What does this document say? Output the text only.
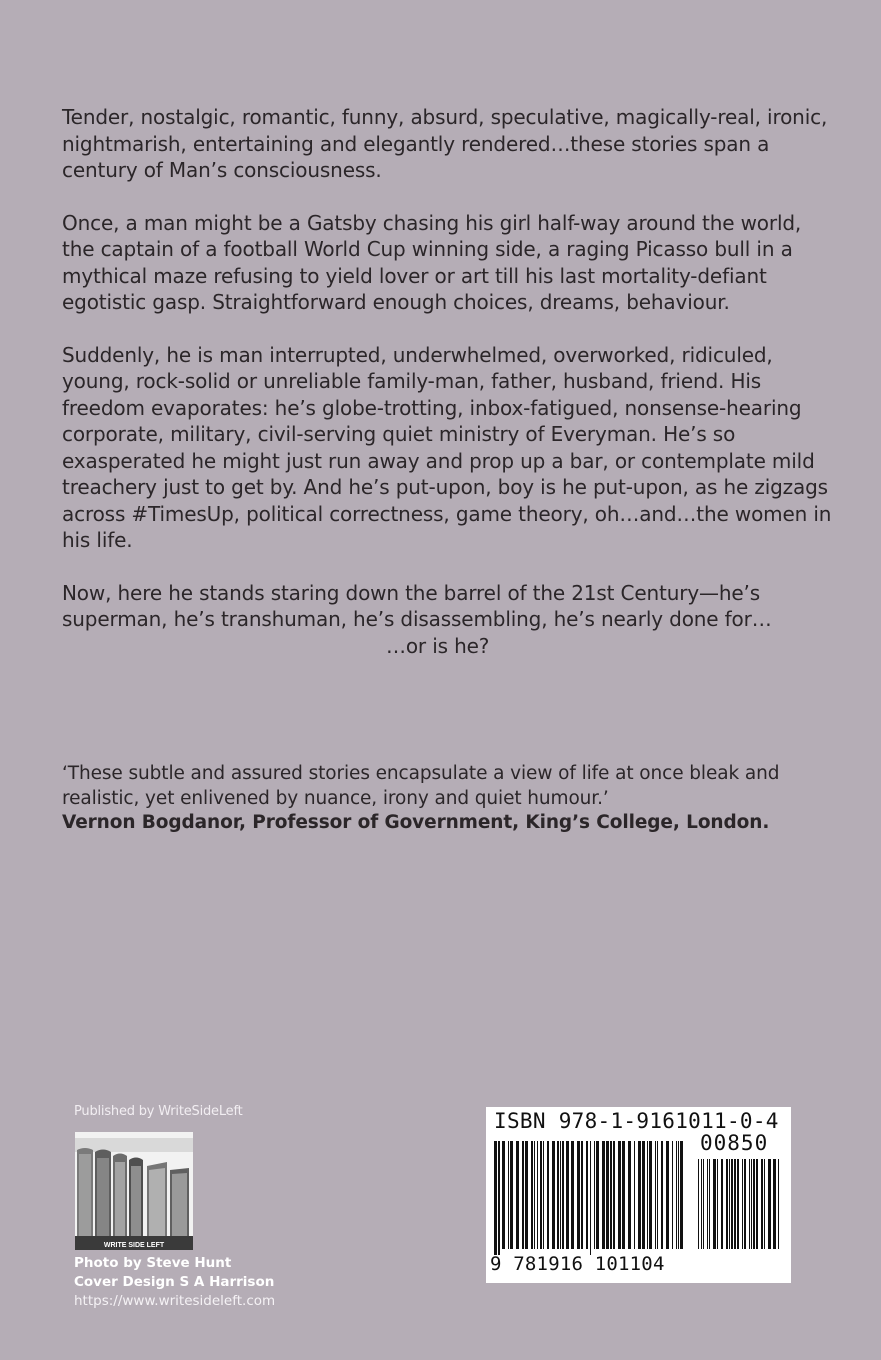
Tender, nostalgic, romantic, funny, absurd, speculative, magically-real, ironic, nightmarish, entertaining and elegantly rendered…these stories span a century of Man’s consciousness.

Once, a man might be a Gatsby chasing his girl half-way around the world, the captain of a football World Cup winning side, a raging Picasso bull in a mythical maze refusing to yield lover or art till his last mortality-defiant egotistic gasp. Straightforward enough choices, dreams, behaviour.

Suddenly, he is man interrupted, underwhelmed, overworked, ridiculed, young, rock-solid or unreliable family-man, father, husband, friend. His freedom evaporates: he’s globe-trotting, inbox-fatigued, nonsense-hearing corporate, military, civil-serving quiet ministry of Everyman. He’s so exasperated he might just run away and prop up a bar, or contemplate mild treachery just to get by. And he’s put-upon, boy is he put-upon, as he zigzags across #TimesUp, political correctness, game theory, oh…and…the women in his life.

Now, here he stands staring down the barrel of the 21st Century—he’s superman, he’s transhuman, he’s disassembling, he’s nearly done for…
…or is he?

‘These subtle and assured stories encapsulate a view of life at once bleak and realistic, yet enlivened by nuance, irony and quiet humour.’
Vernon Bogdanor, Professor of Government, King’s College, London.
Published by WriteSideLeft
WRITE SIDE LEFT
Photo by Steve Hunt
Cover Design S A Harrison
https://www.writesideleft.com
ISBN 978-1-9161011-0-4
00850
9 781916 101104
